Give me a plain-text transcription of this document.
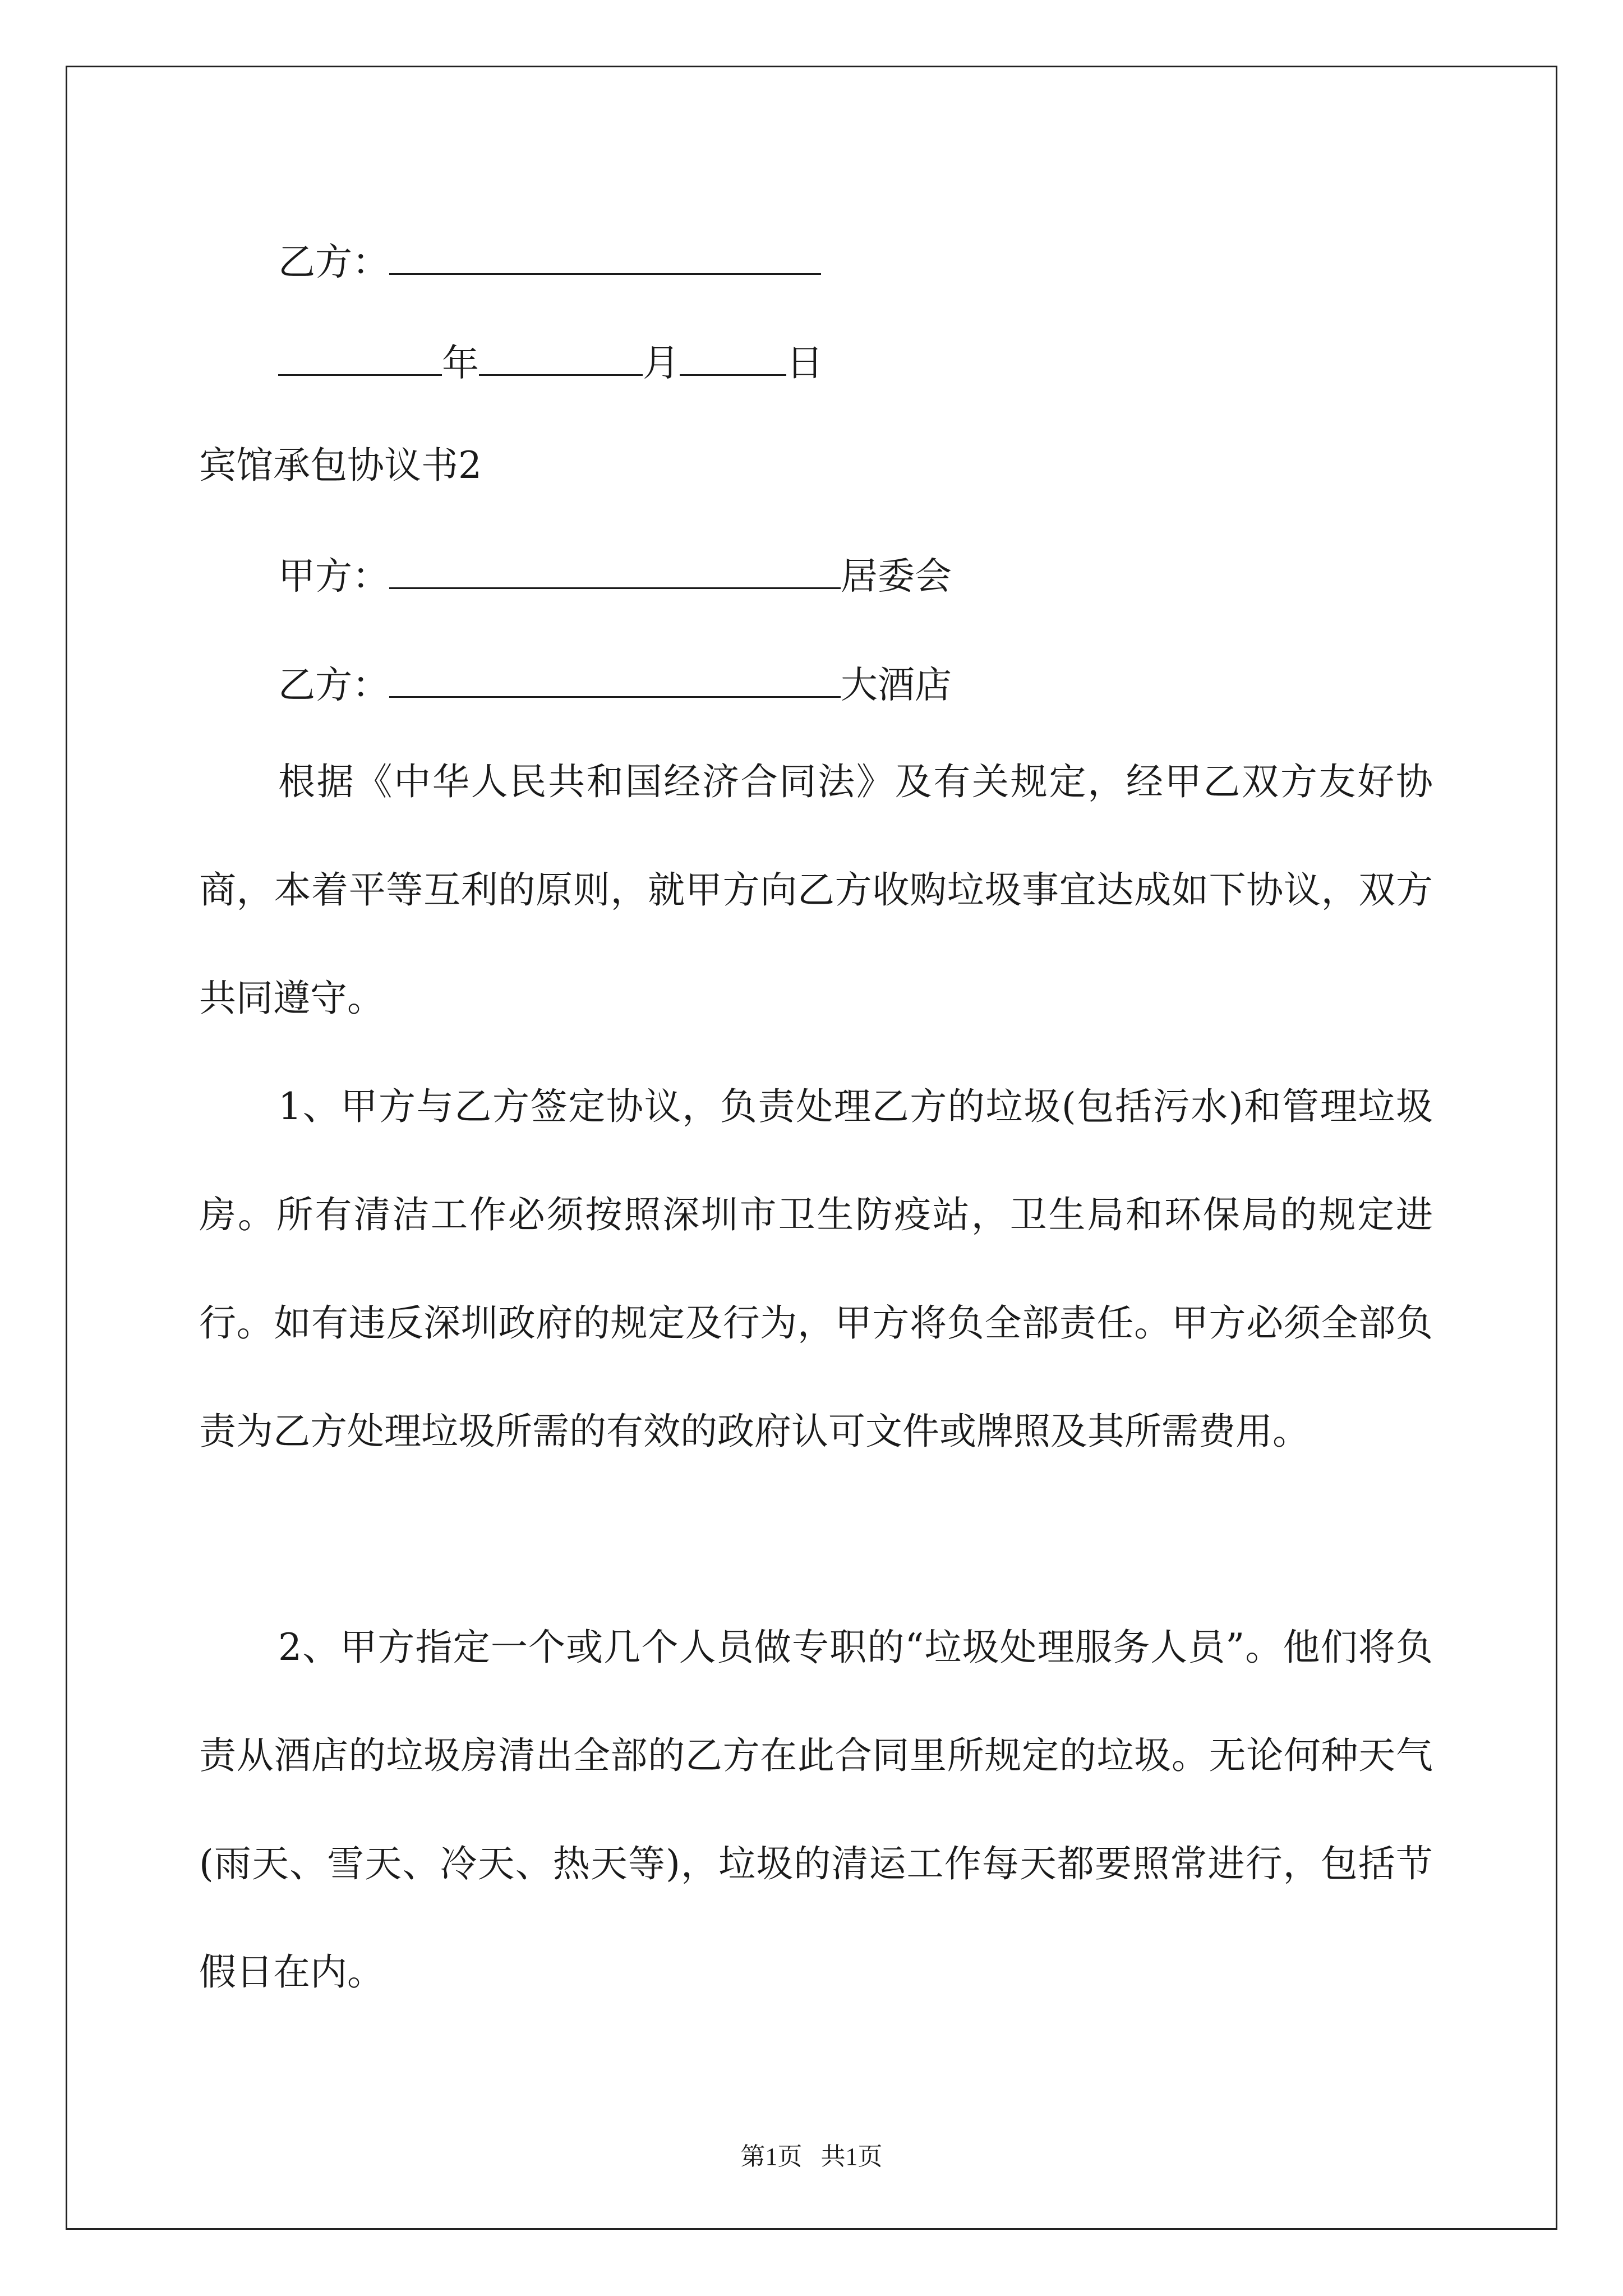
乙方：
年	月	日
宾馆承包协议书2
甲方：	居委会
乙方：	大酒店

根据《中华人民共和国经济合同法》及有关规定，经甲乙双方友好协商，本着平等互利的原则，就甲方向乙方收购垃圾事宜达成如下协议，双方共同遵守。

1、甲方与乙方签定协议，负责处理乙方的垃圾(包括污水)和管理垃圾房。所有清洁工作必须按照深圳市卫生防疫站，卫生局和环保局的规定进行。如有违反深圳政府的规定及行为，甲方将负全部责任。甲方必须全部负责为乙方处理垃圾所需的有效的政府认可文件或牌照及其所需费用。

2、甲方指定一个或几个人员做专职的“垃圾处理服务人员”。他们将负责从酒店的垃圾房清出全部的乙方在此合同里所规定的垃圾。无论何种天气(雨天、雪天、冷天、热天等)，垃圾的清运工作每天都要照常进行，包括节假日在内。

第1页   共1页
